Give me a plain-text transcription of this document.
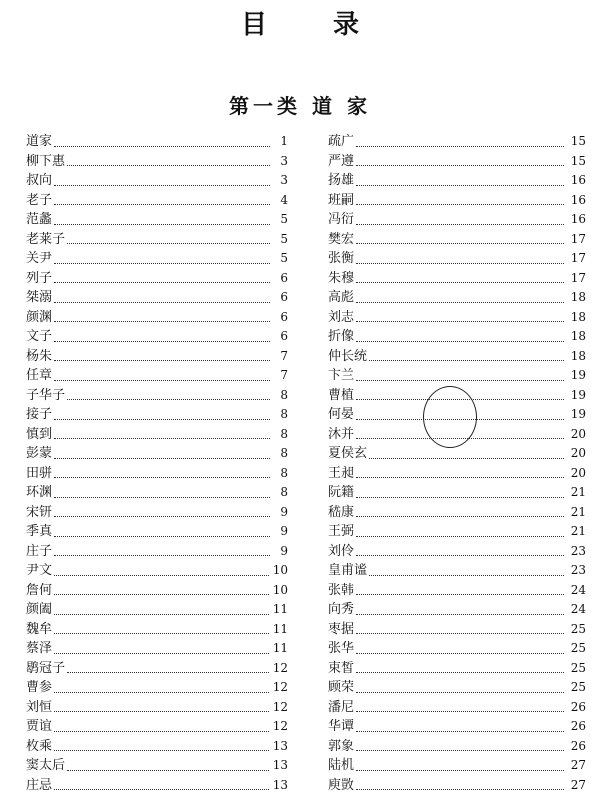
目　录
第一类 道 家
道家	1
柳下惠	3
叔向	3
老子	4
范蠡	5
老莱子	5
关尹	5
列子	6
桀溺	6
颜渊	6
文子	6
杨朱	7
任章	7
子华子	8
接子	8
慎到	8
彭蒙	8
田骈	8
环渊	8
宋钘	9
季真	9
庄子	9
尹文	10
詹何	10
颜阖	11
魏牟	11
蔡泽	11
鹖冠子	12
曹参	12
刘恒	12
贾谊	12
枚乘	13
窦太后	13
庄忌	13
疏广	15
严遵	15
扬雄	16
班嗣	16
冯衍	16
樊宏	17
张衡	17
朱穆	17
高彪	18
刘志	18
折像	18
仲长统	18
卞兰	19
曹植	19
何晏	19
沐并	20
夏侯玄	20
王昶	20
阮籍	21
嵇康	21
王弼	21
刘伶	23
皇甫谧	23
张韩	24
向秀	24
枣据	25
张华	25
束皙	25
顾荣	25
潘尼	26
华谭	26
郭象	26
陆机	27
庾敳	27
